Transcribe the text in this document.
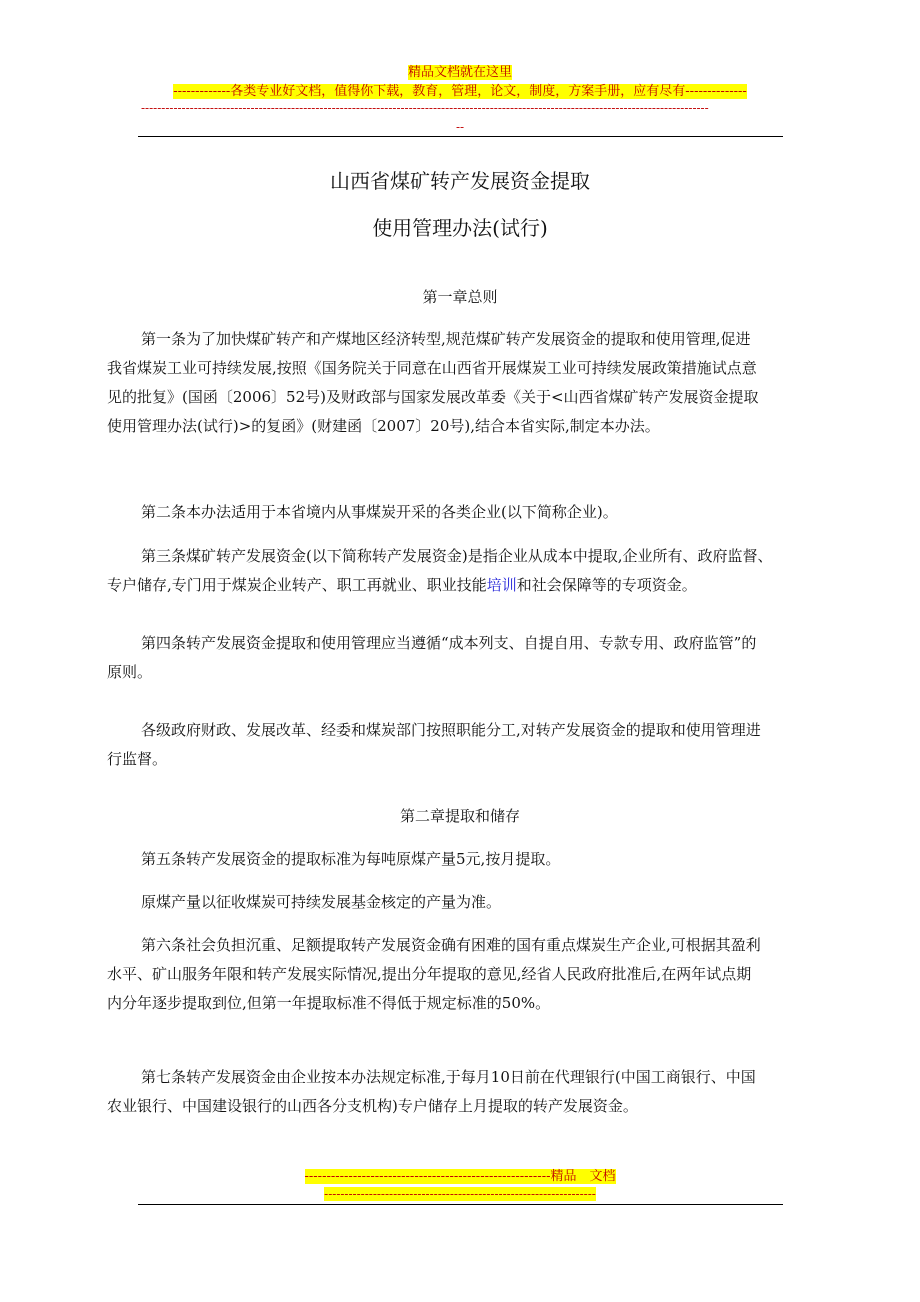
精品文档就在这里
-------------各类专业好文档，值得你下载，教育，管理，论文，制度，方案手册，应有尽有--------------
--------------------------------------------------------------------------------------------------------------------------------------------
--
山西省煤矿转产发展资金提取
使用管理办法(试行)
第一章总则
第一条为了加快煤矿转产和产煤地区经济转型,规范煤矿转产发展资金的提取和使用管理,促进
我省煤炭工业可持续发展,按照《国务院关于同意在山西省开展煤炭工业可持续发展政策措施试点意
见的批复》(国函〔2006〕52号)及财政部与国家发展改革委《关于<山西省煤矿转产发展资金提取
使用管理办法(试行)>的复函》(财建函〔2007〕20号),结合本省实际,制定本办法。
第二条本办法适用于本省境内从事煤炭开采的各类企业(以下简称企业)。
第三条煤矿转产发展资金(以下简称转产发展资金)是指企业从成本中提取,企业所有、政府监督、
专户储存,专门用于煤炭企业转产、职工再就业、职业技能培训和社会保障等的专项资金。
第四条转产发展资金提取和使用管理应当遵循“成本列支、自提自用、专款专用、政府监管”的
原则。
各级政府财政、发展改革、经委和煤炭部门按照职能分工,对转产发展资金的提取和使用管理进
行监督。
第二章提取和储存
第五条转产发展资金的提取标准为每吨原煤产量5元,按月提取。
原煤产量以征收煤炭可持续发展基金核定的产量为准。
第六条社会负担沉重、足额提取转产发展资金确有困难的国有重点煤炭生产企业,可根据其盈利
水平、矿山服务年限和转产发展实际情况,提出分年提取的意见,经省人民政府批准后,在两年试点期
内分年逐步提取到位,但第一年提取标准不得低于规定标准的50%。
第七条转产发展资金由企业按本办法规定标准,于每月10日前在代理银行(中国工商银行、中国
农业银行、中国建设银行的山西各分支机构)专户储存上月提取的转产发展资金。
--------------------------------------------------------精品　文档
-------------------------------------------------------------------
